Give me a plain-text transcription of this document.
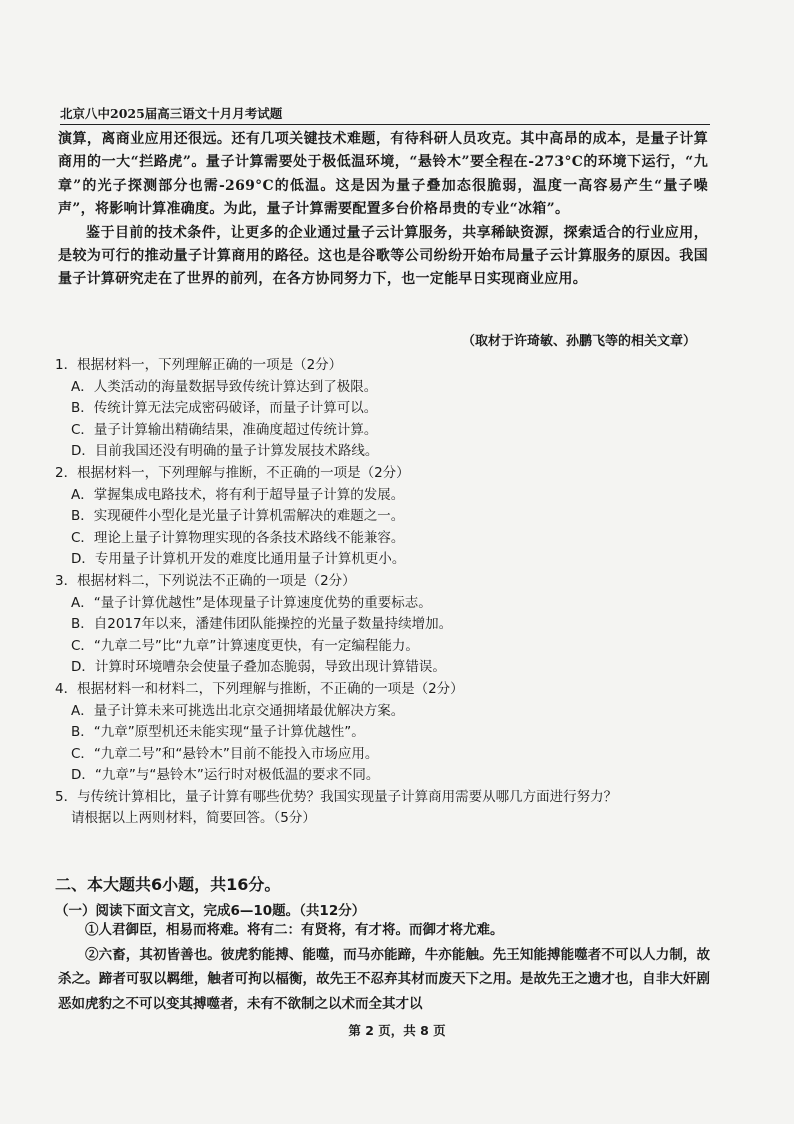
北京八中2025届高三语文十月月考试题

演算，离商业应用还很远。还有几项关键技术难题，有待科研人员攻克。其中高昂的成本，是量子计算商用的一大“拦路虎”。量子计算需要处于极低温环境，“悬铃木”要全程在-273°C的环境下运行，“九章”的光子探测部分也需-269°C的低温。这是因为量子叠加态很脆弱，温度一高容易产生“量子噪声”，将影响计算准确度。为此，量子计算需要配置多台价格昂贵的专业“冰箱”。

鉴于目前的技术条件，让更多的企业通过量子云计算服务，共享稀缺资源，探索适合的行业应用，是较为可行的推动量子计算商用的路径。这也是谷歌等公司纷纷开始布局量子云计算服务的原因。我国量子计算研究走在了世界的前列，在各方协同努力下，也一定能早日实现商业应用。

（取材于许琦敏、孙鹏飞等的相关文章）

1．根据材料一，下列理解正确的一项是（2分）

A．人类活动的海量数据导致传统计算达到了极限。

B．传统计算无法完成密码破译，而量子计算可以。

C．量子计算输出精确结果，准确度超过传统计算。

D．目前我国还没有明确的量子计算发展技术路线。

2．根据材料一，下列理解与推断，不正确的一项是（2分）

A．掌握集成电路技术，将有利于超导量子计算的发展。

B．实现硬件小型化是光量子计算机需解决的难题之一。

C．理论上量子计算物理实现的各条技术路线不能兼容。

D．专用量子计算机开发的难度比通用量子计算机更小。

3．根据材料二，下列说法不正确的一项是（2分）

A．“量子计算优越性”是体现量子计算速度优势的重要标志。

B．自2017年以来，潘建伟团队能操控的光量子数量持续增加。

C．“九章二号”比“九章”计算速度更快，有一定编程能力。

D．计算时环境嘈杂会使量子叠加态脆弱，导致出现计算错误。

4．根据材料一和材料二，下列理解与推断，不正确的一项是（2分）

A．量子计算未来可挑选出北京交通拥堵最优解决方案。

B．“九章”原型机还未能实现“量子计算优越性”。

C．“九章二号”和“悬铃木”目前不能投入市场应用。

D．“九章”与“悬铃木”运行时对极低温的要求不同。

5．与传统计算相比，量子计算有哪些优势？我国实现量子计算商用需要从哪几方面进行努力？

请根据以上两则材料，简要回答。（5分）

二、本大题共6小题，共16分。
（一）阅读下面文言文，完成6—10题。（共12分）

①人君御臣，相易而将难。将有二：有贤将，有才将。而御才将尤难。

②六畜，其初皆善也。彼虎豹能搏、能噬，而马亦能蹄，牛亦能触。先王知能搏能噬者不可以人力制，故杀之。蹄者可驭以羁绁，触者可拘以楅衡，故先王不忍弃其材而废天下之用。是故先王之遗才也，自非大奸剧恶如虎豹之不可以变其搏噬者，未有不欲制之以术而全其才以

第 2 页，共 8 页
